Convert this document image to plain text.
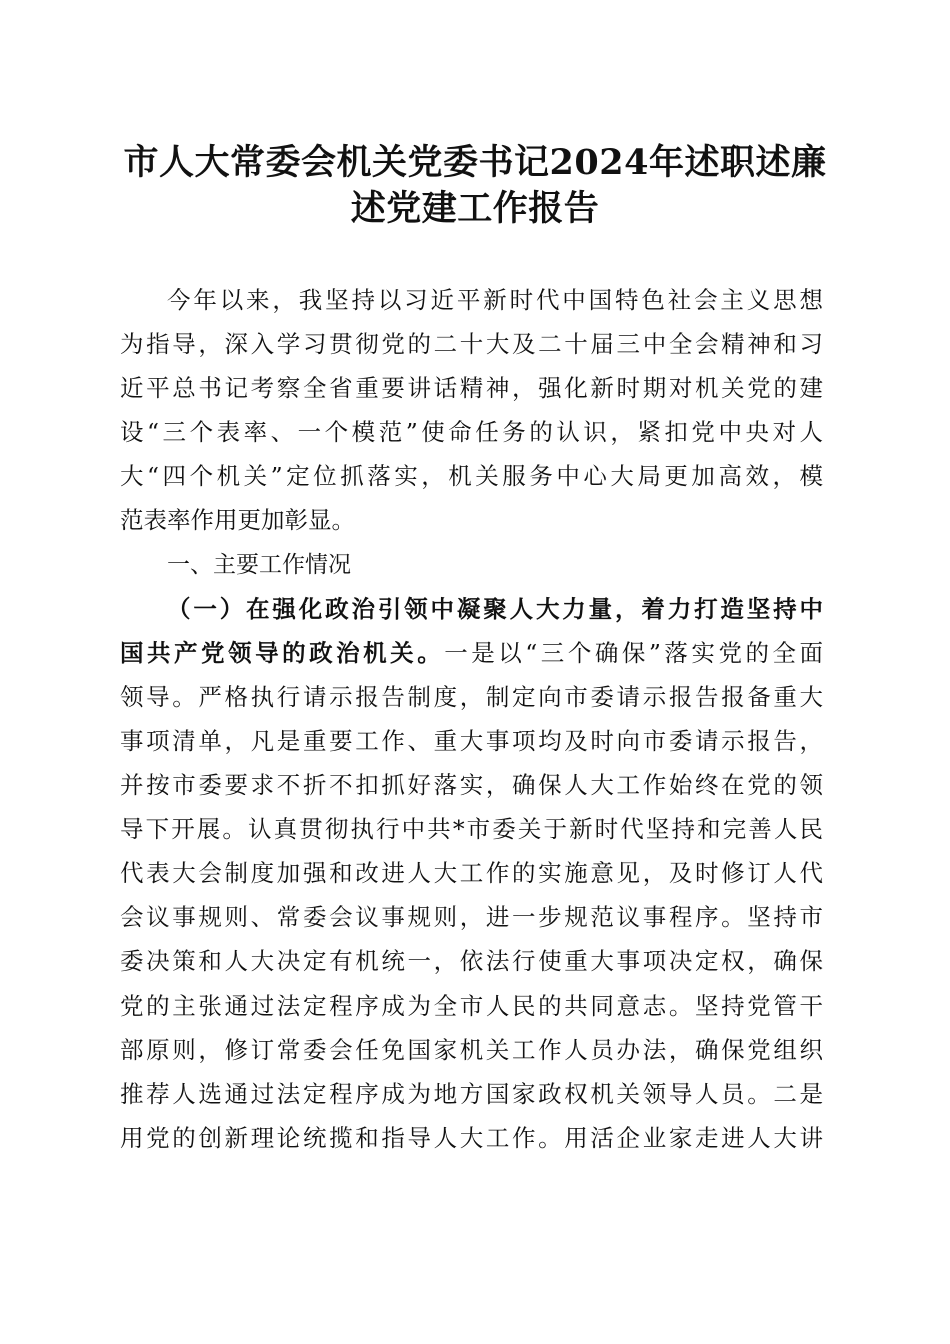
市人大常委会机关党委书记2024年述职述廉
述党建工作报告
今年以来，我坚持以习近平新时代中国特色社会主义思想
为指导，深入学习贯彻党的二十大及二十届三中全会精神和习
近平总书记考察全省重要讲话精神，强化新时期对机关党的建
设“三个表率、一个模范”使命任务的认识，紧扣党中央对人
大“四个机关”定位抓落实，机关服务中心大局更加高效，模
范表率作用更加彰显。
一、主要工作情况
（一）在强化政治引领中凝聚人大力量，着力打造坚持中
国共产党领导的政治机关。一是以“三个确保”落实党的全面
领导。严格执行请示报告制度，制定向市委请示报告报备重大
事项清单，凡是重要工作、重大事项均及时向市委请示报告，
并按市委要求不折不扣抓好落实，确保人大工作始终在党的领
导下开展。认真贯彻执行中共*市委关于新时代坚持和完善人民
代表大会制度加强和改进人大工作的实施意见，及时修订人代
会议事规则、常委会议事规则，进一步规范议事程序。坚持市
委决策和人大决定有机统一，依法行使重大事项决定权，确保
党的主张通过法定程序成为全市人民的共同意志。坚持党管干
部原则，修订常委会任免国家机关工作人员办法，确保党组织
推荐人选通过法定程序成为地方国家政权机关领导人员。二是
用党的创新理论统揽和指导人大工作。用活企业家走进人大讲
